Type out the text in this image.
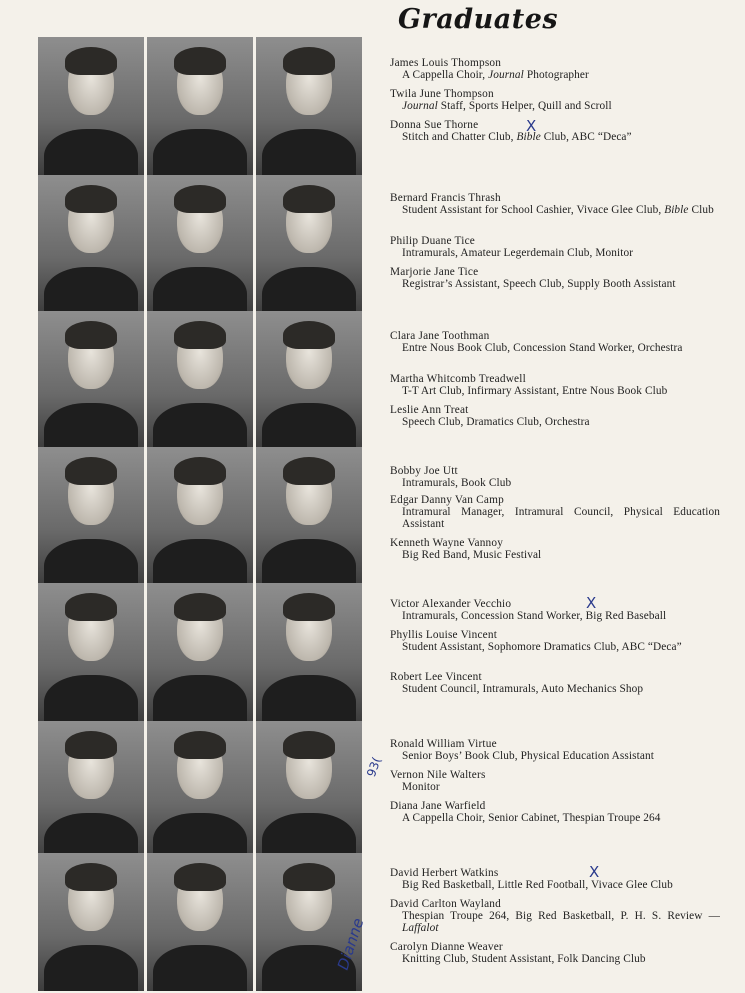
Graduates
James Louis Thompson
A Cappella Choir, Journal Photographer
Twila June Thompson
Journal Staff, Sports Helper, Quill and Scroll
Donna Sue Thorne
Stitch and Chatter Club, Bible Club, ABC “Deca”
Bernard Francis Thrash
Student Assistant for School Cashier, Vivace Glee Club, Bible Club
Philip Duane Tice
Intramurals, Amateur Legerdemain Club, Monitor
Marjorie Jane Tice
Registrar’s Assistant, Speech Club, Supply Booth Assistant
Clara Jane Toothman
Entre Nous Book Club, Concession Stand Worker, Orchestra
Martha Whitcomb Treadwell
T-T Art Club, Infirmary Assistant, Entre Nous Book Club
Leslie Ann Treat
Speech Club, Dramatics Club, Orchestra
Bobby Joe Utt
Intramurals, Book Club
Edgar Danny Van Camp
Intramural Manager, Intramural Council, Physical Education Assistant
Kenneth Wayne Vannoy
Big Red Band, Music Festival
Victor Alexander Vecchio
Intramurals, Concession Stand Worker, Big Red Baseball
Phyllis Louise Vincent
Student Assistant, Sophomore Dramatics Club, ABC “Deca”
Robert Lee Vincent
Student Council, Intramurals, Auto Mechanics Shop
Ronald William Virtue
Senior Boys’ Book Club, Physical Education Assistant
Vernon Nile Walters
Monitor
Diana Jane Warfield
A Cappella Choir, Senior Cabinet, Thespian Troupe 264
David Herbert Watkins
Big Red Basketball, Little Red Football, Vivace Glee Club
David Carlton Wayland
Thespian Troupe 264, Big Red Basketball, P. H. S. Review —Laffalot
Carolyn Dianne Weaver
Knitting Club, Student Assistant, Folk Dancing Club
X
X
X
93(
Dianne
